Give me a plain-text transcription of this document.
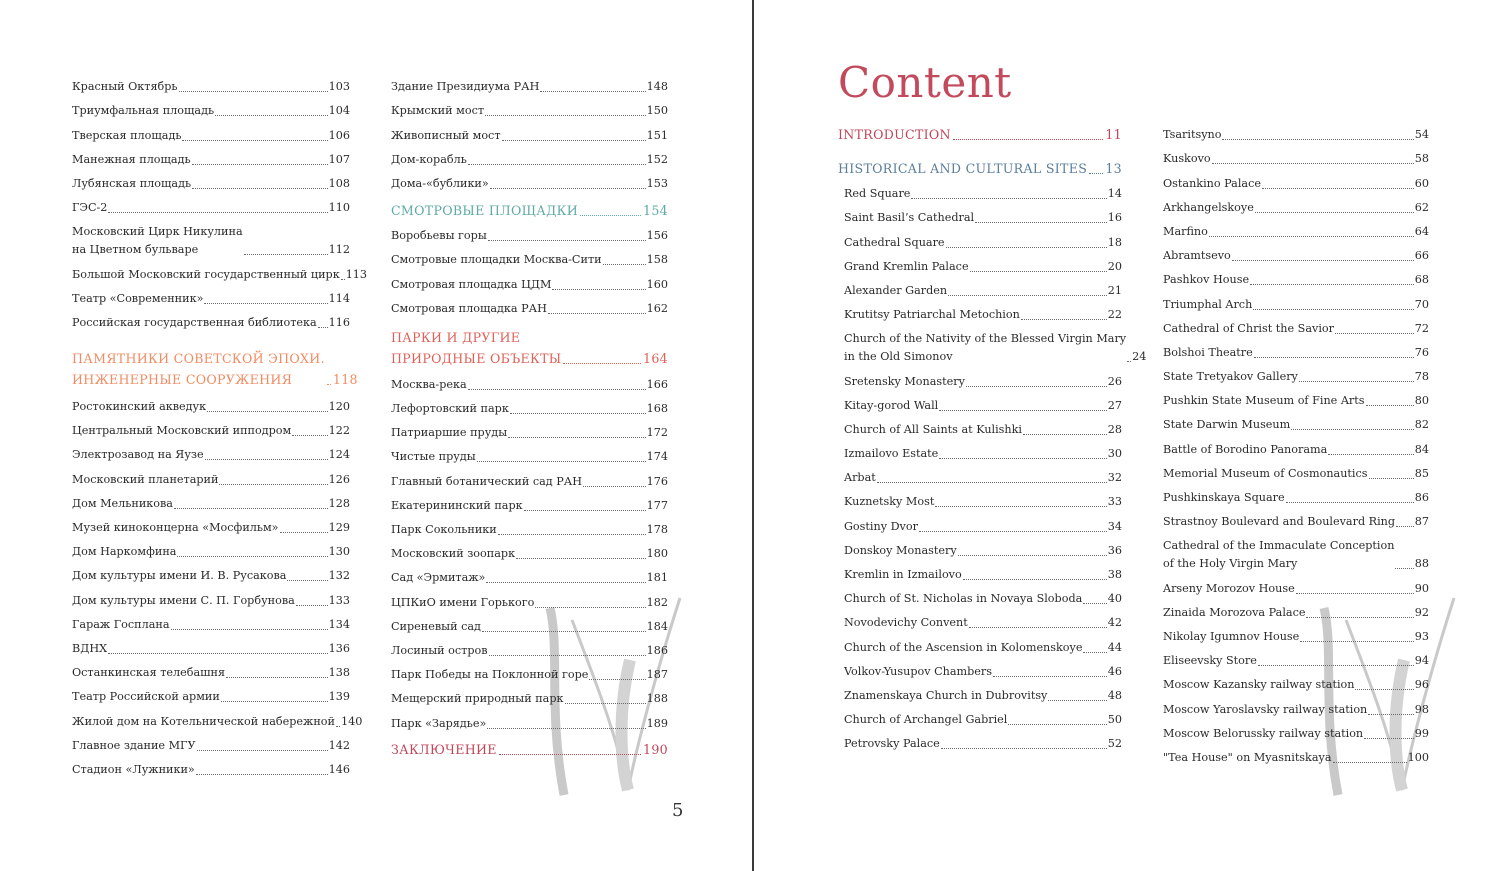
Красный Октябрь	103
Триумфальная площадь	104
Тверская площадь	106
Манежная площадь	107
Лубянская площадь	108
ГЭС-2	110
Московский Цирк Никулина
на Цветном бульваре	112
Большой Московский государственный цирк 113
Театр «Современник»	114
Российская государственная библиотека 116
ПАМЯТНИКИ СОВЕТСКОЙ ЭПОХИ.
ИНЖЕНЕРНЫЕ СООРУЖЕНИЯ	118
Ростокинский акведук	120
Центральный Московский ипподром	122
Электрозавод на Яузе	124
Московский планетарий	126
Дом Мельникова	128
Музей киноконцерна «Мосфильм»	129
Дом Наркомфина	130
Дом культуры имени И. В. Русакова	132
Дом культуры имени С. П. Горбунова	133
Гараж Госплана	134
ВДНХ	136
Останкинская телебашня	138
Театр Российской армии	139
Жилой дом на Котельнической набережной 140
Главное здание МГУ	142
Стадион «Лужники»	146
Здание Президиума РАН	148
Крымский мост	150
Живописный мост	151
Дом-корабль	152
Дома-«бублики»	153
СМОТРОВЫЕ ПЛОЩАДКИ	154
Воробьевы горы	156
Смотровые площадки Москва-Сити	158
Смотровая площадка ЦДМ	160
Смотровая площадка РАН	162
ПАРКИ И ДРУГИЕ
ПРИРОДНЫЕ ОБЪЕКТЫ	164
Москва-река	166
Лефортовский парк	168
Патриаршие пруды	172
Чистые пруды	174
Главный ботанический сад РАН	176
Екатерининский парк	177
Парк Сокольники	178
Московский зоопарк	180
Сад «Эрмитаж»	181
ЦПКиО имени Горького	182
Сиреневый сад	184
Лосиный остров	186
Парк Победы на Поклонной горе	187
Мещерский природный парк	188
Парк «Зарядье»	189
ЗАКЛЮЧЕНИЕ	190
5
Content
INTRODUCTION	11
HISTORICAL AND CULTURAL SITES 13
Red Square	14
Saint Basil’s Cathedral	16
Cathedral Square	18
Grand Kremlin Palace	20
Alexander Garden	21
Krutitsy Patriarchal Metochion	22
Church of the Nativity of the Blessed Virgin Mary
in the Old Simonov	24
Sretensky Monastery	26
Kitay-gorod Wall	27
Church of All Saints at Kulishki	28
Izmailovo Estate	30
Arbat	32
Kuznetsky Most	33
Gostiny Dvor	34
Donskoy Monastery	36
Kremlin in Izmailovo	38
Church of St. Nicholas in Novaya Sloboda 40
Novodevichy Convent	42
Church of the Ascension in Kolomenskoye 44
Volkov-Yusupov Chambers	46
Znamenskaya Church in Dubrovitsy	48
Church of Archangel Gabriel	50
Petrovsky Palace	52
Tsaritsyno	54
Kuskovo	58
Ostankino Palace	60
Arkhangelskoye	62
Marfino	64
Abramtsevo	66
Pashkov House	68
Triumphal Arch	70
Cathedral of Christ the Savior	72
Bolshoi Theatre	76
State Tretyakov Gallery	78
Pushkin State Museum of Fine Arts	80
State Darwin Museum	82
Battle of Borodino Panorama	84
Memorial Museum of Cosmonautics	85
Pushkinskaya Square	86
Strastnoy Boulevard and Boulevard Ring 87
Cathedral of the Immaculate Conception
of the Holy Virgin Mary	88
Arseny Morozov House	90
Zinaida Morozova Palace	92
Nikolay Igumnov House	93
Eliseevsky Store	94
Moscow Kazansky railway station	96
Moscow Yaroslavsky railway station	98
Moscow Belorussky railway station	99
"Tea House" on Myasnitskaya	100
